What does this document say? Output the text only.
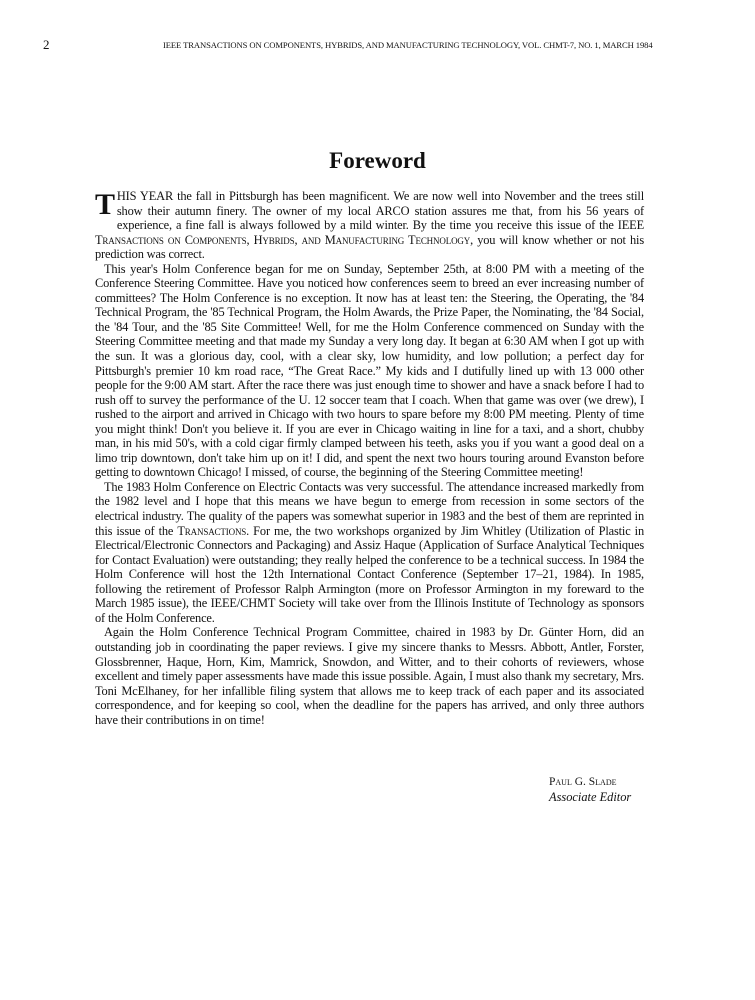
2	IEEE TRANSACTIONS ON COMPONENTS, HYBRIDS, AND MANUFACTURING TECHNOLOGY, VOL. CHMT-7, NO. 1, MARCH 1984
Foreword

THIS YEAR the fall in Pittsburgh has been magnificent. We are now well into November and the trees still show their autumn finery. The owner of my local ARCO station assures me that, from his 56 years of experience, a fine fall is always followed by a mild winter. By the time you receive this issue of the IEEE Transactions on Components, Hybrids, and Manufacturing Technology, you will know whether or not his prediction was correct.

This year's Holm Conference began for me on Sunday, September 25th, at 8:00 PM with a meeting of the Conference Steering Committee. Have you noticed how conferences seem to breed an ever increasing number of committees? The Holm Conference is no exception. It now has at least ten: the Steering, the Operating, the '84 Technical Program, the '85 Technical Program, the Holm Awards, the Prize Paper, the Nominating, the '84 Social, the '84 Tour, and the '85 Site Committee! Well, for me the Holm Conference commenced on Sunday with the Steering Committee meeting and that made my Sunday a very long day. It began at 6:30 AM when I got up with the sun. It was a glorious day, cool, with a clear sky, low humidity, and low pollution; a perfect day for Pittsburgh's premier 10 km road race, “The Great Race.” My kids and I dutifully lined up with 13 000 other people for the 9:00 AM start. After the race there was just enough time to shower and have a snack before I had to rush off to survey the performance of the U. 12 soccer team that I coach. When that game was over (we drew), I rushed to the airport and arrived in Chicago with two hours to spare before my 8:00 PM meeting. Plenty of time you might think! Don't you believe it. If you are ever in Chicago waiting in line for a taxi, and a short, chubby man, in his mid 50's, with a cold cigar firmly clamped between his teeth, asks you if you want a good deal on a limo trip downtown, don't take him up on it! I did, and spent the next two hours touring around Evanston before getting to downtown Chicago! I missed, of course, the beginning of the Steering Committee meeting!

The 1983 Holm Conference on Electric Contacts was very successful. The attendance increased markedly from the 1982 level and I hope that this means we have begun to emerge from recession in some sectors of the electrical industry. The quality of the papers was somewhat superior in 1983 and the best of them are reprinted in this issue of the Transactions. For me, the two workshops organized by Jim Whitley (Utilization of Plastic in Electrical/Electronic Connectors and Packaging) and Assiz Haque (Application of Surface Analytical Techniques for Contact Evaluation) were outstanding; they really helped the conference to be a technical success. In 1984 the Holm Conference will host the 12th International Contact Conference (September 17–21, 1984). In 1985, following the retirement of Professor Ralph Armington (more on Professor Armington in my foreward to the March 1985 issue), the IEEE/CHMT Society will take over from the Illinois Institute of Technology as sponsors of the Holm Conference.

Again the Holm Conference Technical Program Committee, chaired in 1983 by Dr. Günter Horn, did an outstanding job in coordinating the paper reviews. I give my sincere thanks to Messrs. Abbott, Antler, Forster, Glossbrenner, Haque, Horn, Kim, Mamrick, Snowdon, and Witter, and to their cohorts of reviewers, whose excellent and timely paper assessments have made this issue possible. Again, I must also thank my secretary, Mrs. Toni McElhaney, for her infallible filing system that allows me to keep track of each paper and its associated correspondence, and for keeping so cool, when the deadline for the papers has arrived, and only three authors have their contributions in on time!

Paul G. Slade
Associate Editor
